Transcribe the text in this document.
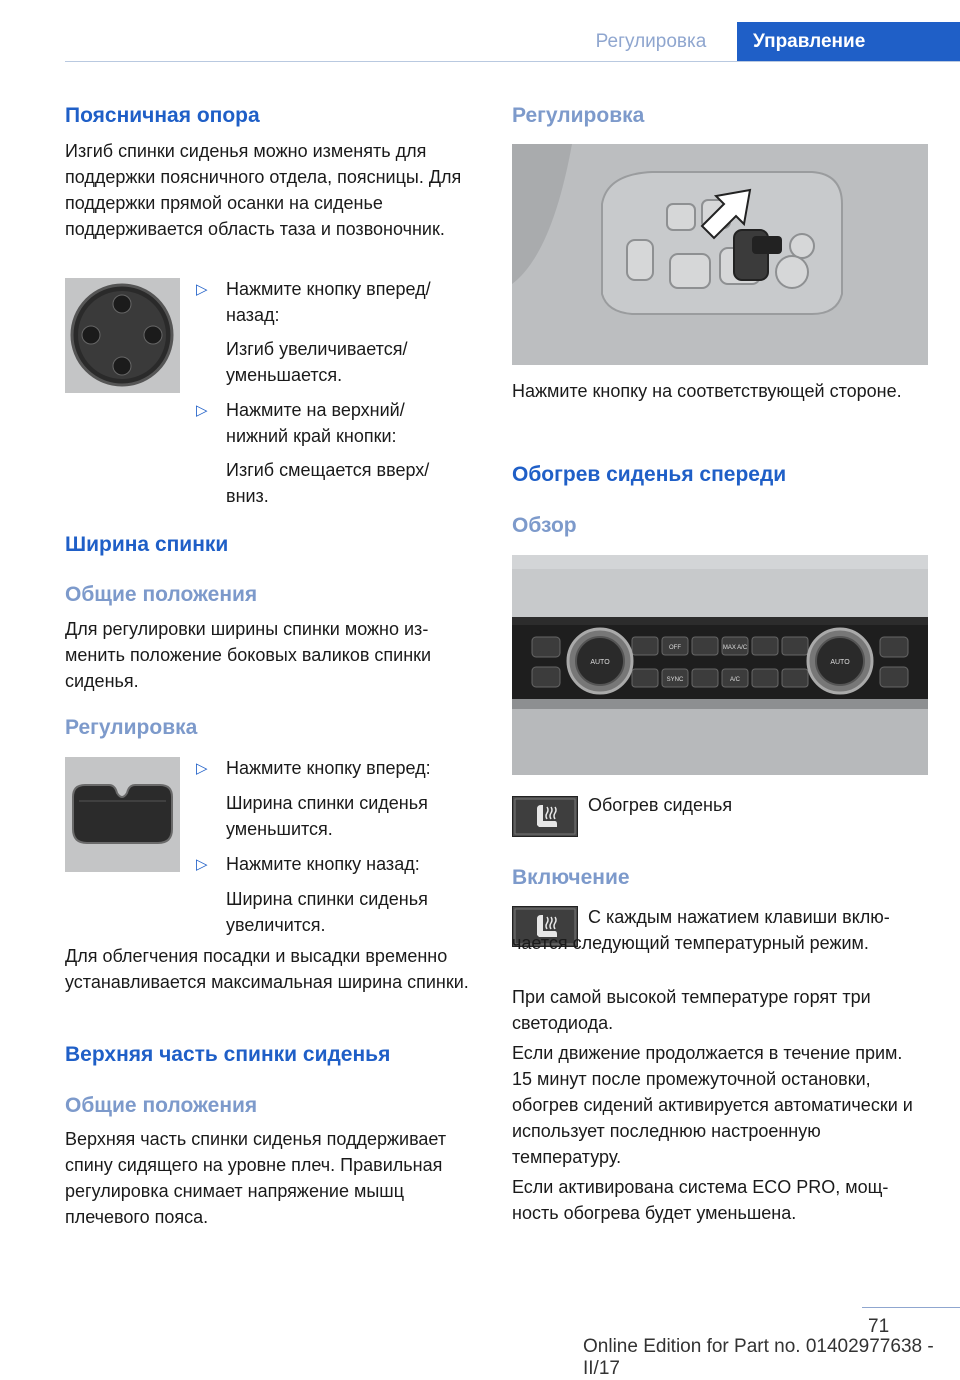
Регулировка	Управление
Поясничная опора

Изгиб спинки сиденья можно изменять для поддержки поясничного отдела, поясницы. Для поддержки прямой осанки на сиденье поддерживается область таза и позвоночник.

▷	Нажмите кнопку вперед/назад:
Изгиб увеличивается/уменьшается.
▷	Нажмите на верхний/нижний край кнопки:
Изгиб смещается вверх/вниз.
Ширина спинки
Общие положения

Для регулировки ширины спинки можно изменить положение боковых валиков спинки сиденья.

Регулировка
▷	Нажмите кнопку вперед:
Ширина спинки сиденья уменьшится.
▷	Нажмите кнопку назад:
Ширина спинки сиденья увеличится.

Для облегчения посадки и высадки временно устанавливается максимальная ширина спинки.

Верхняя часть спинки сиденья
Общие положения

Верхняя часть спинки сиденья поддерживает спину сидящего на уровне плеч. Правильная регулировка снимает напряжение мышц плечевого пояса.

Регулировка

Нажмите кнопку на соответствующей стороне.

Обогрев сиденья спереди
Обзор
AUTO	AUTO
OFF	MAX A/C
SYNC	A/C

Обогрев сиденья

Включение

С каждым нажатием клавиши включается следующий температурный режим.

При самой высокой температуре горят три светодиода.

Если движение продолжается в течение прим. 15 минут после промежуточной остановки, обогрев сидений активируется автоматически и использует последнюю настроенную температуру.

Если активирована система ECO PRO, мощность обогрева будет уменьшена.

71
Online Edition for Part no. 01402977638 - II/17
